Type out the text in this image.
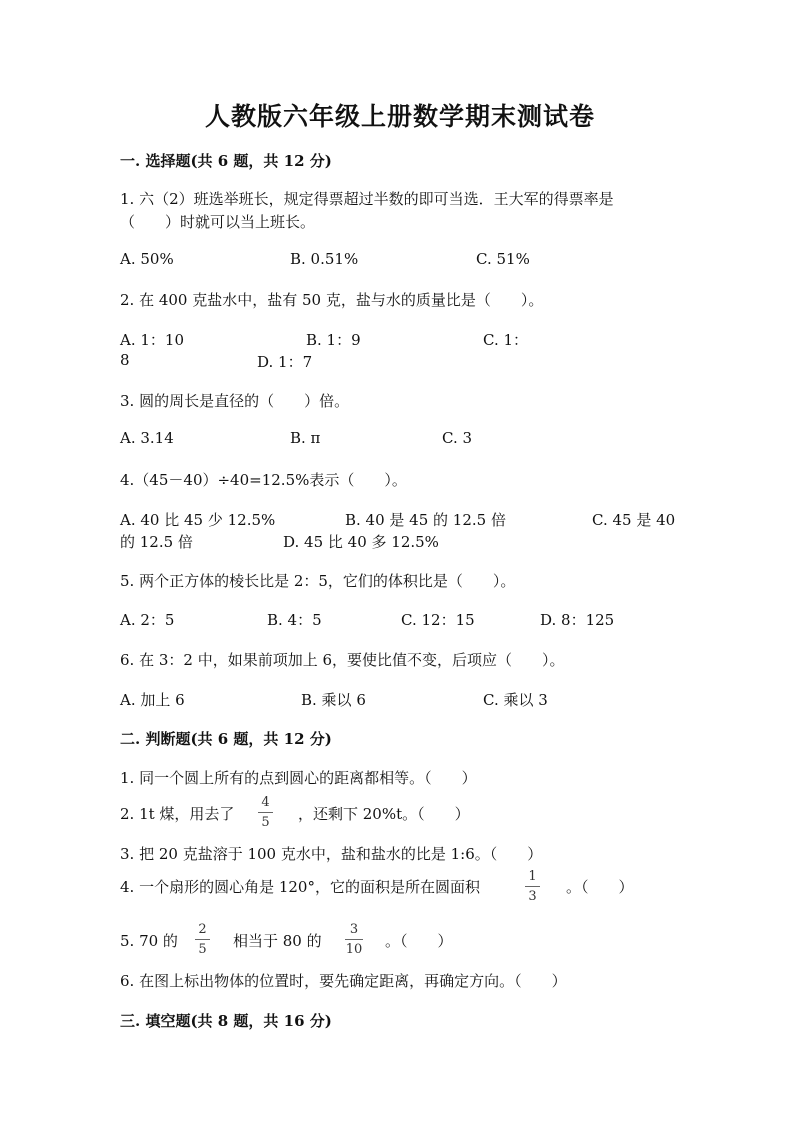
人教版六年级上册数学期末测试卷
一. 选择题(共 6 题，共 12 分)
1. 六（2）班选举班长，规定得票超过半数的即可当选．王大军的得票率是
（　　）时就可以当上班长。
A. 50%	B. 0.51%	C. 51%
2. 在 400 克盐水中，盐有 50 克，盐与水的质量比是（　　）。
A. 1：10	B. 1：9	C. 1：
8	D. 1：7
3. 圆的周长是直径的（　　）倍。
A. 3.14	B. π	C. 3
4.（45－40）÷40=12.5%表示（　　）。
A. 40 比 45 少 12.5%	B. 40 是 45 的 12.5 倍	C. 45 是 40
的 12.5 倍	D. 45 比 40 多 12.5%
5. 两个正方体的棱长比是 2：5，它们的体积比是（　　）。
A. 2：5	B. 4：5	C. 12：15	D. 8：125
6. 在 3：2 中，如果前项加上 6，要使比值不变，后项应（　　）。
A. 加上 6	B. 乘以 6	C. 乘以 3
二. 判断题(共 6 题，共 12 分)
1. 同一个圆上所有的点到圆心的距离都相等。（　　）
2. 1t 煤，用去了
4
5 ，还剩下 20%t。（　　）
3. 把 20 克盐溶于 100 克水中，盐和盐水的比是 1:6。（　　）
4. 一个扇形的圆心角是 120°，它的面积是所在圆面积
1
3
。（　　）
5. 70 的
2
5 相当于 80 的
3
10 。（　　）
6. 在图上标出物体的位置时，要先确定距离，再确定方向。（　　）
三. 填空题(共 8 题，共 16 分)
